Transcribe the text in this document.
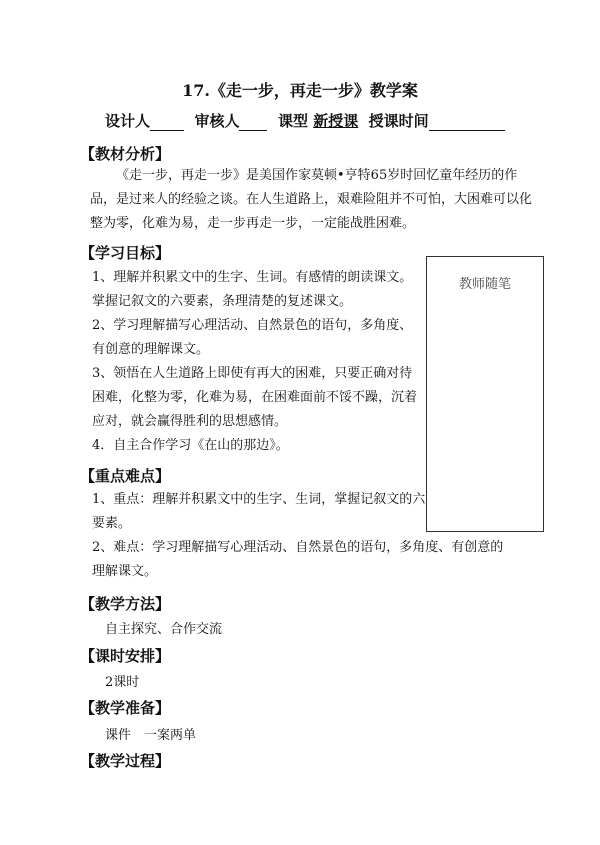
17.《走一步，再走一步》教学案
设计人	审核人	课型 新授课 授课时间
【教材分析】
《走一步，再走一步》是美国作家莫顿•亨特65岁时回忆童年经历的作品，是过来人的经验之谈。在人生道路上，艰难险阻并不可怕，大困难可以化整为零，化难为易，走一步再走一步，一定能战胜困难。
【学习目标】

1、理解并积累文中的生字、生词。有感情的朗读课文。掌握记叙文的六要素，条理清楚的复述课文。

2、学习理解描写心理活动、自然景色的语句，多角度、有创意的理解课文。

3、领悟在人生道路上即使有再大的困难，只要正确对待困难，化整为零，化难为易，在困难面前不馁不躁，沉着应对，就会赢得胜利的思想感情。

4．自主合作学习《在山的那边》。

【重点难点】
1、重点：理解并积累文中的生字、生词，掌握记叙文的六要素。
2、难点：学习理解描写心理活动、自然景色的语句，多角度、有创意的理解课文。
【教学方法】
自主探究、合作交流
【课时安排】
2课时
【教学准备】
课件　一案两单
【教学过程】
教师随笔
